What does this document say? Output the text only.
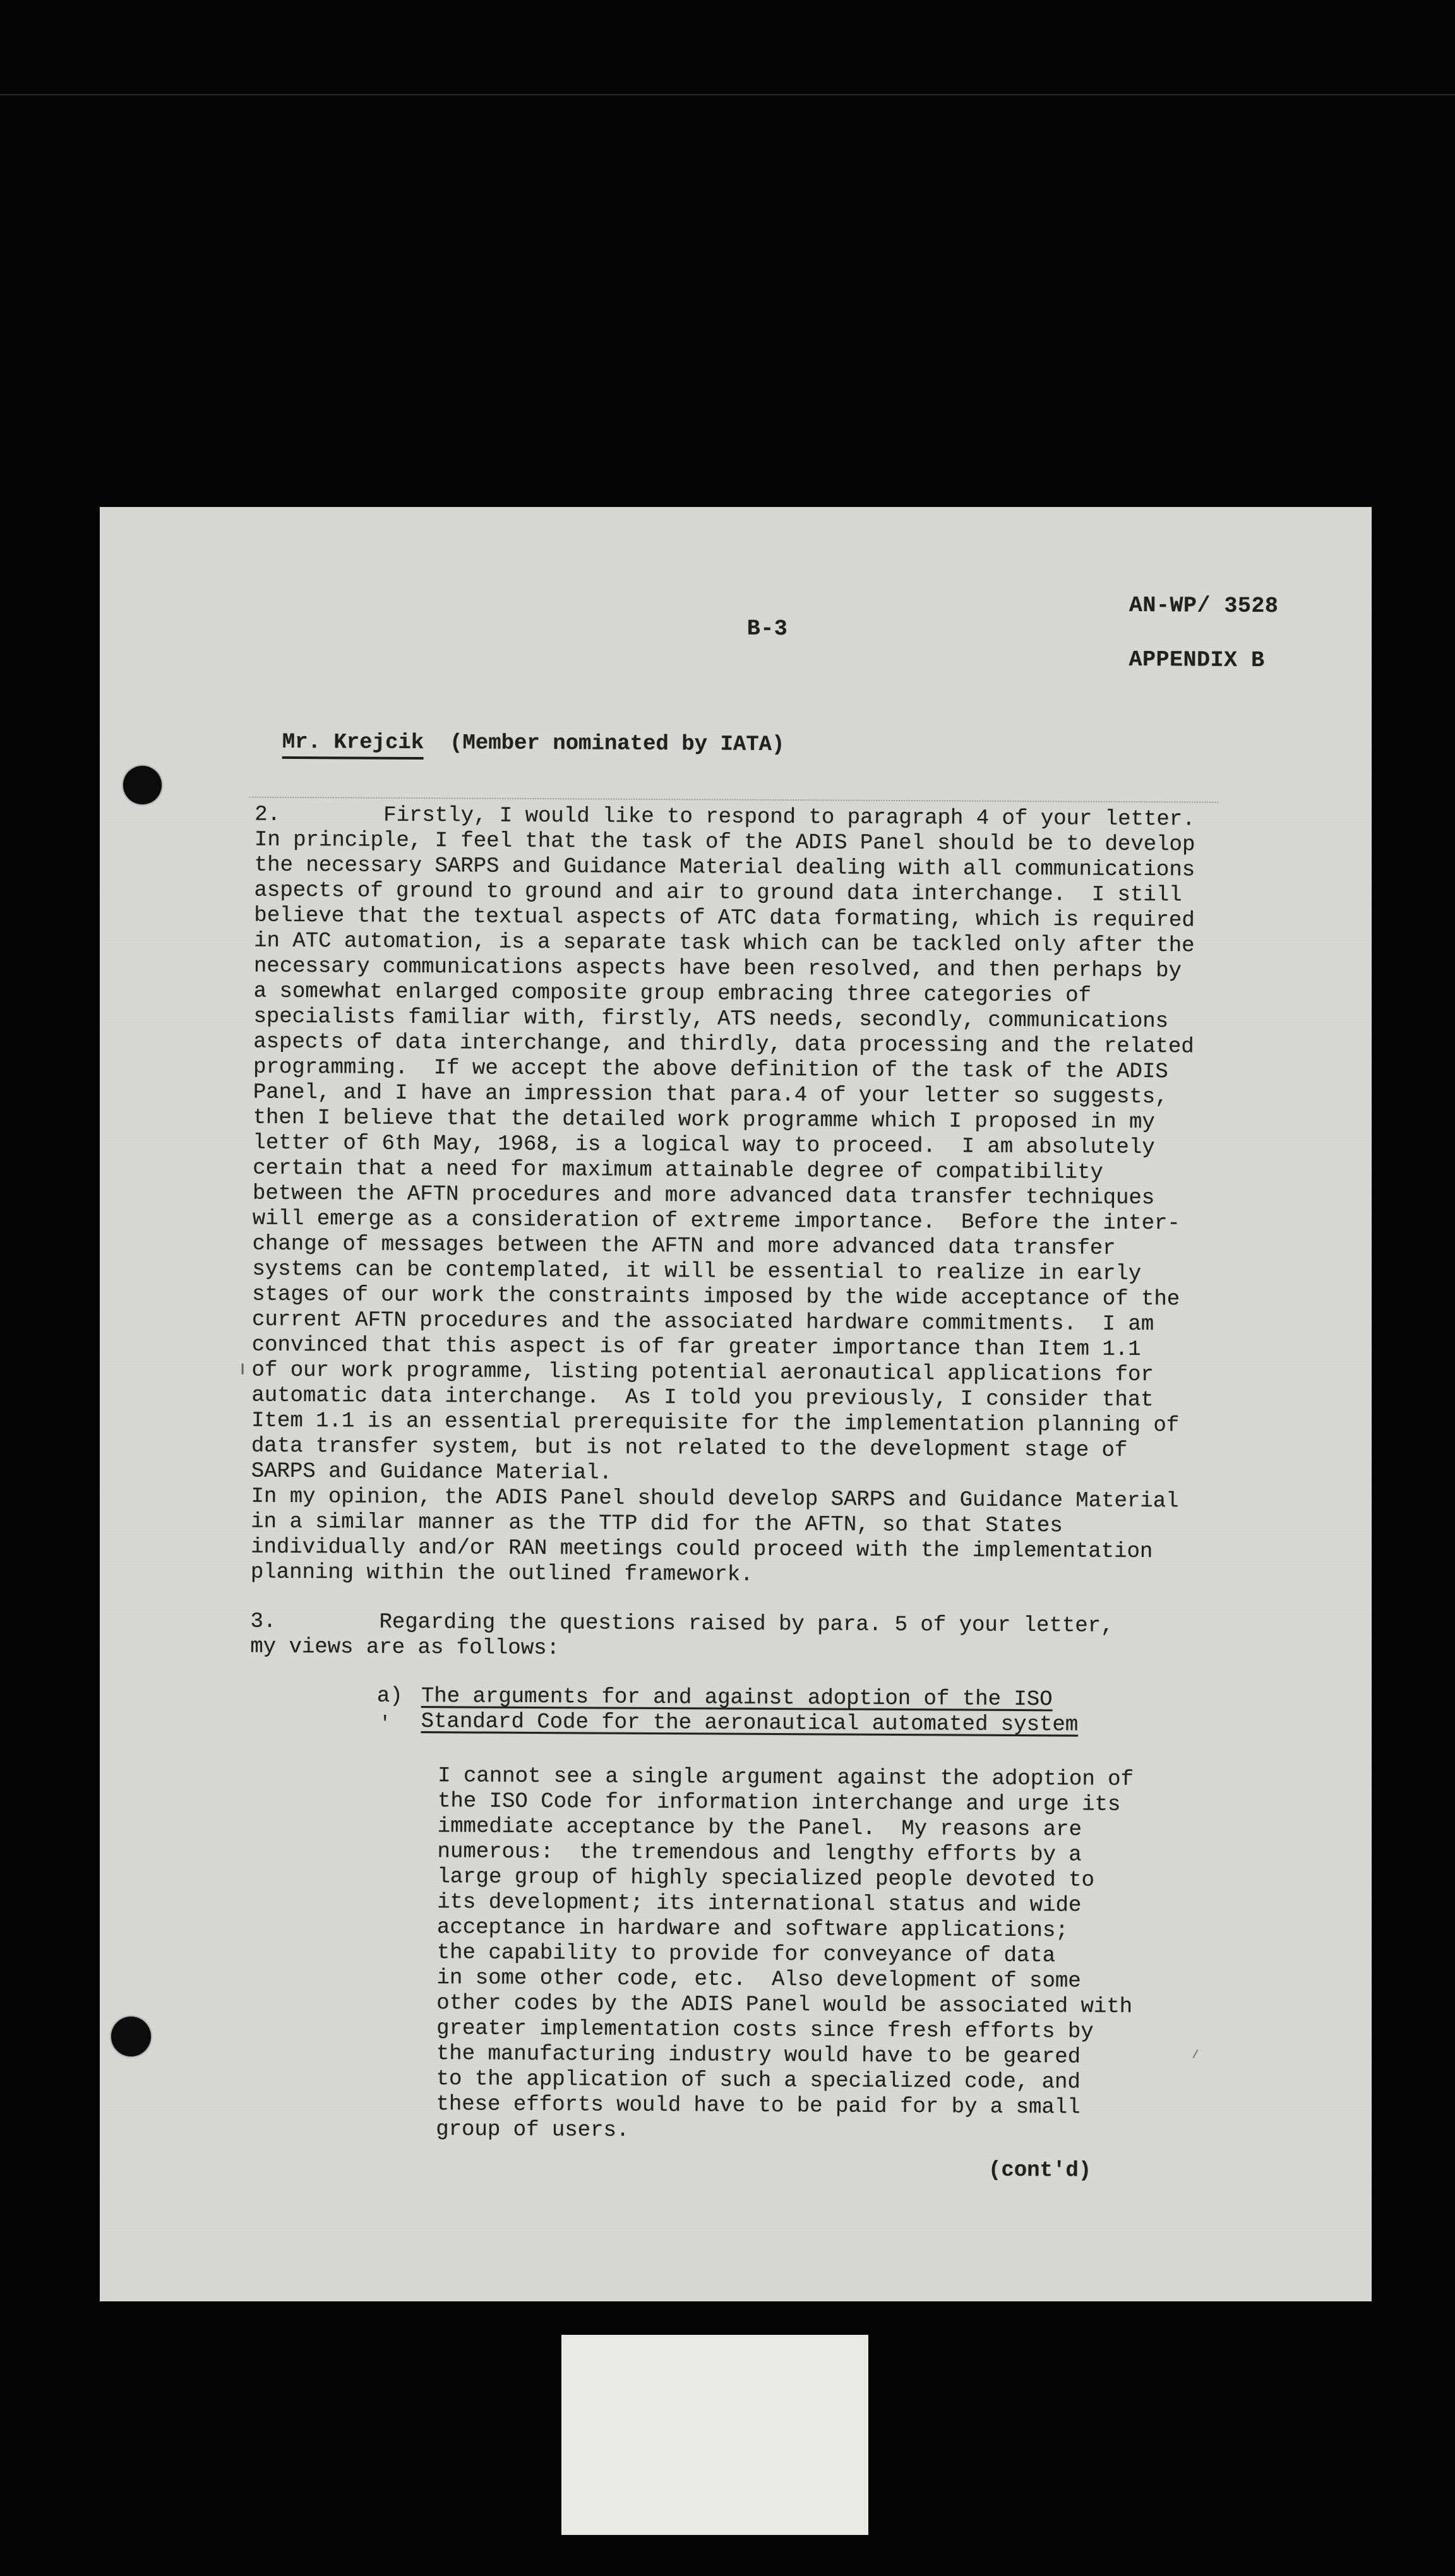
AN-WP/ 3528
B-3
APPENDIX B
Mr. Krejcik  (Member nominated by IATA)
2.        Firstly, I would like to respond to paragraph 4 of your letter.
In principle, I feel that the task of the ADIS Panel should be to develop
the necessary SARPS and Guidance Material dealing with all communications
aspects of ground to ground and air to ground data interchange.  I still
believe that the textual aspects of ATC data formating, which is required
in ATC automation, is a separate task which can be tackled only after the
necessary communications aspects have been resolved, and then perhaps by
a somewhat enlarged composite group embracing three categories of
specialists familiar with, firstly, ATS needs, secondly, communications
aspects of data interchange, and thirdly, data processing and the related
programming.  If we accept the above definition of the task of the ADIS
Panel, and I have an impression that para.4 of your letter so suggests,
then I believe that the detailed work programme which I proposed in my
letter of 6th May, 1968, is a logical way to proceed.  I am absolutely
certain that a need for maximum attainable degree of compatibility
between the AFTN procedures and more advanced data transfer techniques
will emerge as a consideration of extreme importance.  Before the inter-
change of messages between the AFTN and more advanced data transfer
systems can be contemplated, it will be essential to realize in early
stages of our work the constraints imposed by the wide acceptance of the
current AFTN procedures and the associated hardware commitments.  I am
convinced that this aspect is of far greater importance than Item 1.1
of our work programme, listing potential aeronautical applications for
automatic data interchange.  As I told you previously, I consider that
Item 1.1 is an essential prerequisite for the implementation planning of
data transfer system, but is not related to the development stage of
SARPS and Guidance Material.
In my opinion, the ADIS Panel should develop SARPS and Guidance Material
in a similar manner as the TTP did for the AFTN, so that States
individually and/or RAN meetings could proceed with the implementation
planning within the outlined framework.
3.        Regarding the questions raised by para. 5 of your letter,
my views are as follows:
a) The arguments for and against adoption of the ISO
Standard Code for the aeronautical automated system
I cannot see a single argument against the adoption of
the ISO Code for information interchange and urge its
immediate acceptance by the Panel.  My reasons are
numerous:  the tremendous and lengthy efforts by a
large group of highly specialized people devoted to
its development; its international status and wide
acceptance in hardware and software applications;
the capability to provide for conveyance of data
in some other code, etc.  Also development of some
other codes by the ADIS Panel would be associated with
greater implementation costs since fresh efforts by
the manufacturing industry would have to be geared
to the application of such a specialized code, and
these efforts would have to be paid for by a small
group of users.
(cont'd)
'
